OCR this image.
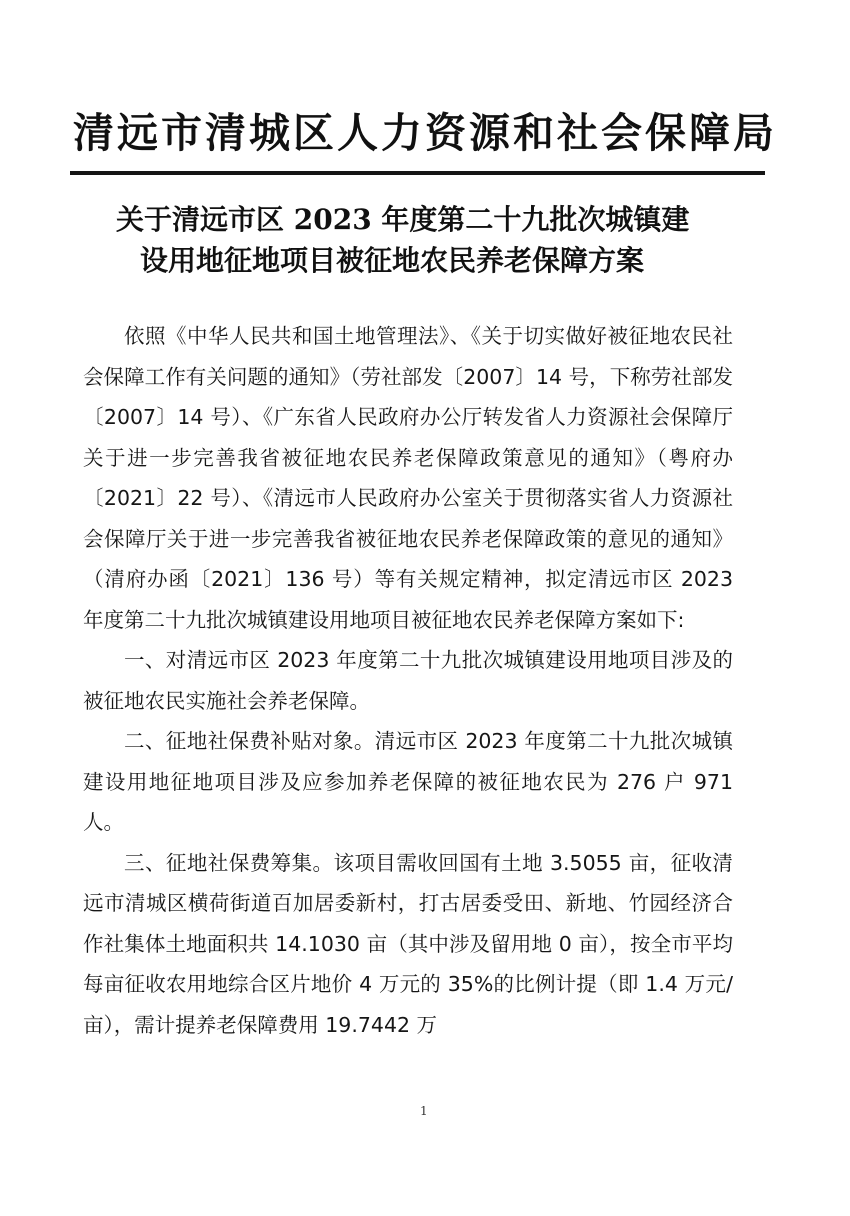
清远市清城区人力资源和社会保障局
关于清远市区 2023 年度第二十九批次城镇建
设用地征地项目被征地农民养老保障方案

依照《中华人民共和国土地管理法》、《关于切实做好被征地农民社会保障工作有关问题的通知》（劳社部发〔2007〕14 号，下称劳社部发〔2007〕14 号）、《广东省人民政府办公厅转发省人力资源社会保障厅关于进一步完善我省被征地农民养老保障政策意见的通知》（粤府办〔2021〕22 号）、《清远市人民政府办公室关于贯彻落实省人力资源社会保障厅关于进一步完善我省被征地农民养老保障政策的意见的通知》（清府办函〔2021〕136 号）等有关规定精神，拟定清远市区 2023 年度第二十九批次城镇建设用地项目被征地农民养老保障方案如下:

一、对清远市区 2023 年度第二十九批次城镇建设用地项目涉及的被征地农民实施社会养老保障。

二、征地社保费补贴对象。清远市区 2023 年度第二十九批次城镇建设用地征地项目涉及应参加养老保障的被征地农民为 276 户 971 人。

三、征地社保费筹集。该项目需收回国有土地 3.5055 亩，征收清远市清城区横荷街道百加居委新村，打古居委受田、新地、竹园经济合作社集体土地面积共 14.1030 亩（其中涉及留用地 0 亩），按全市平均每亩征收农用地综合区片地价 4 万元的 35%的比例计提（即 1.4 万元/亩），需计提养老保障费用 19.7442 万

1
